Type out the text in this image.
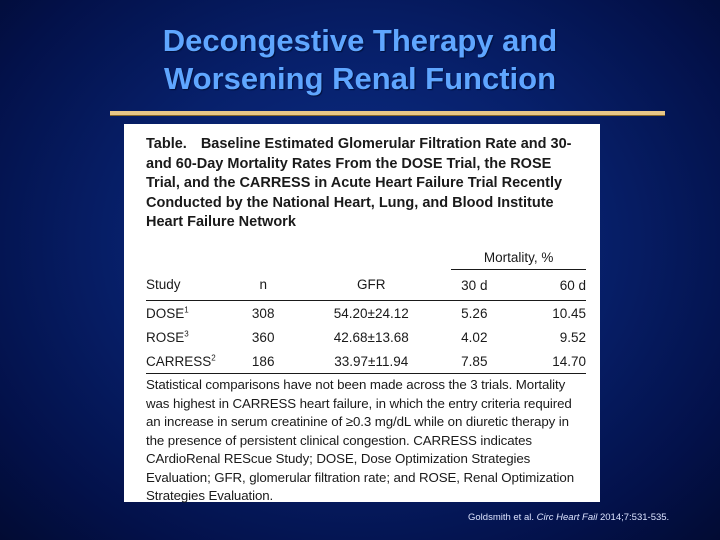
Decongestive Therapy and
Worsening Renal Function
Table. Baseline Estimated Glomerular Filtration Rate and 30- and 60-Day Mortality Rates From the DOSE Trial, the ROSE Trial, and the CARRESS in Acute Heart Failure Trial Recently Conducted by the National Heart, Lung, and Blood Institute Heart Failure Network
			Mortality, %	
Study	n	GFR	30 d	60 d
DOSE$^1$	308	54.20±24.12	5.26	10.45
ROSE$^3$	360	42.68±13.68	4.02	9.52
CARRESS$^2$	186	33.97±11.94	7.85	14.70
Statistical comparisons have not been made across the 3 trials. Mortality was highest in CARRESS heart failure, in which the entry criteria required an increase in serum creatinine of ≥0.3 mg/dL while on diuretic therapy in the presence of persistent clinical congestion. CARRESS indicates CArdioRenal REScue Study; DOSE, Dose Optimization Strategies Evaluation; GFR, glomerular filtration rate; and ROSE, Renal Optimization Strategies Evaluation.
Goldsmith et al. Circ Heart Fail 2014;7:531-535.
